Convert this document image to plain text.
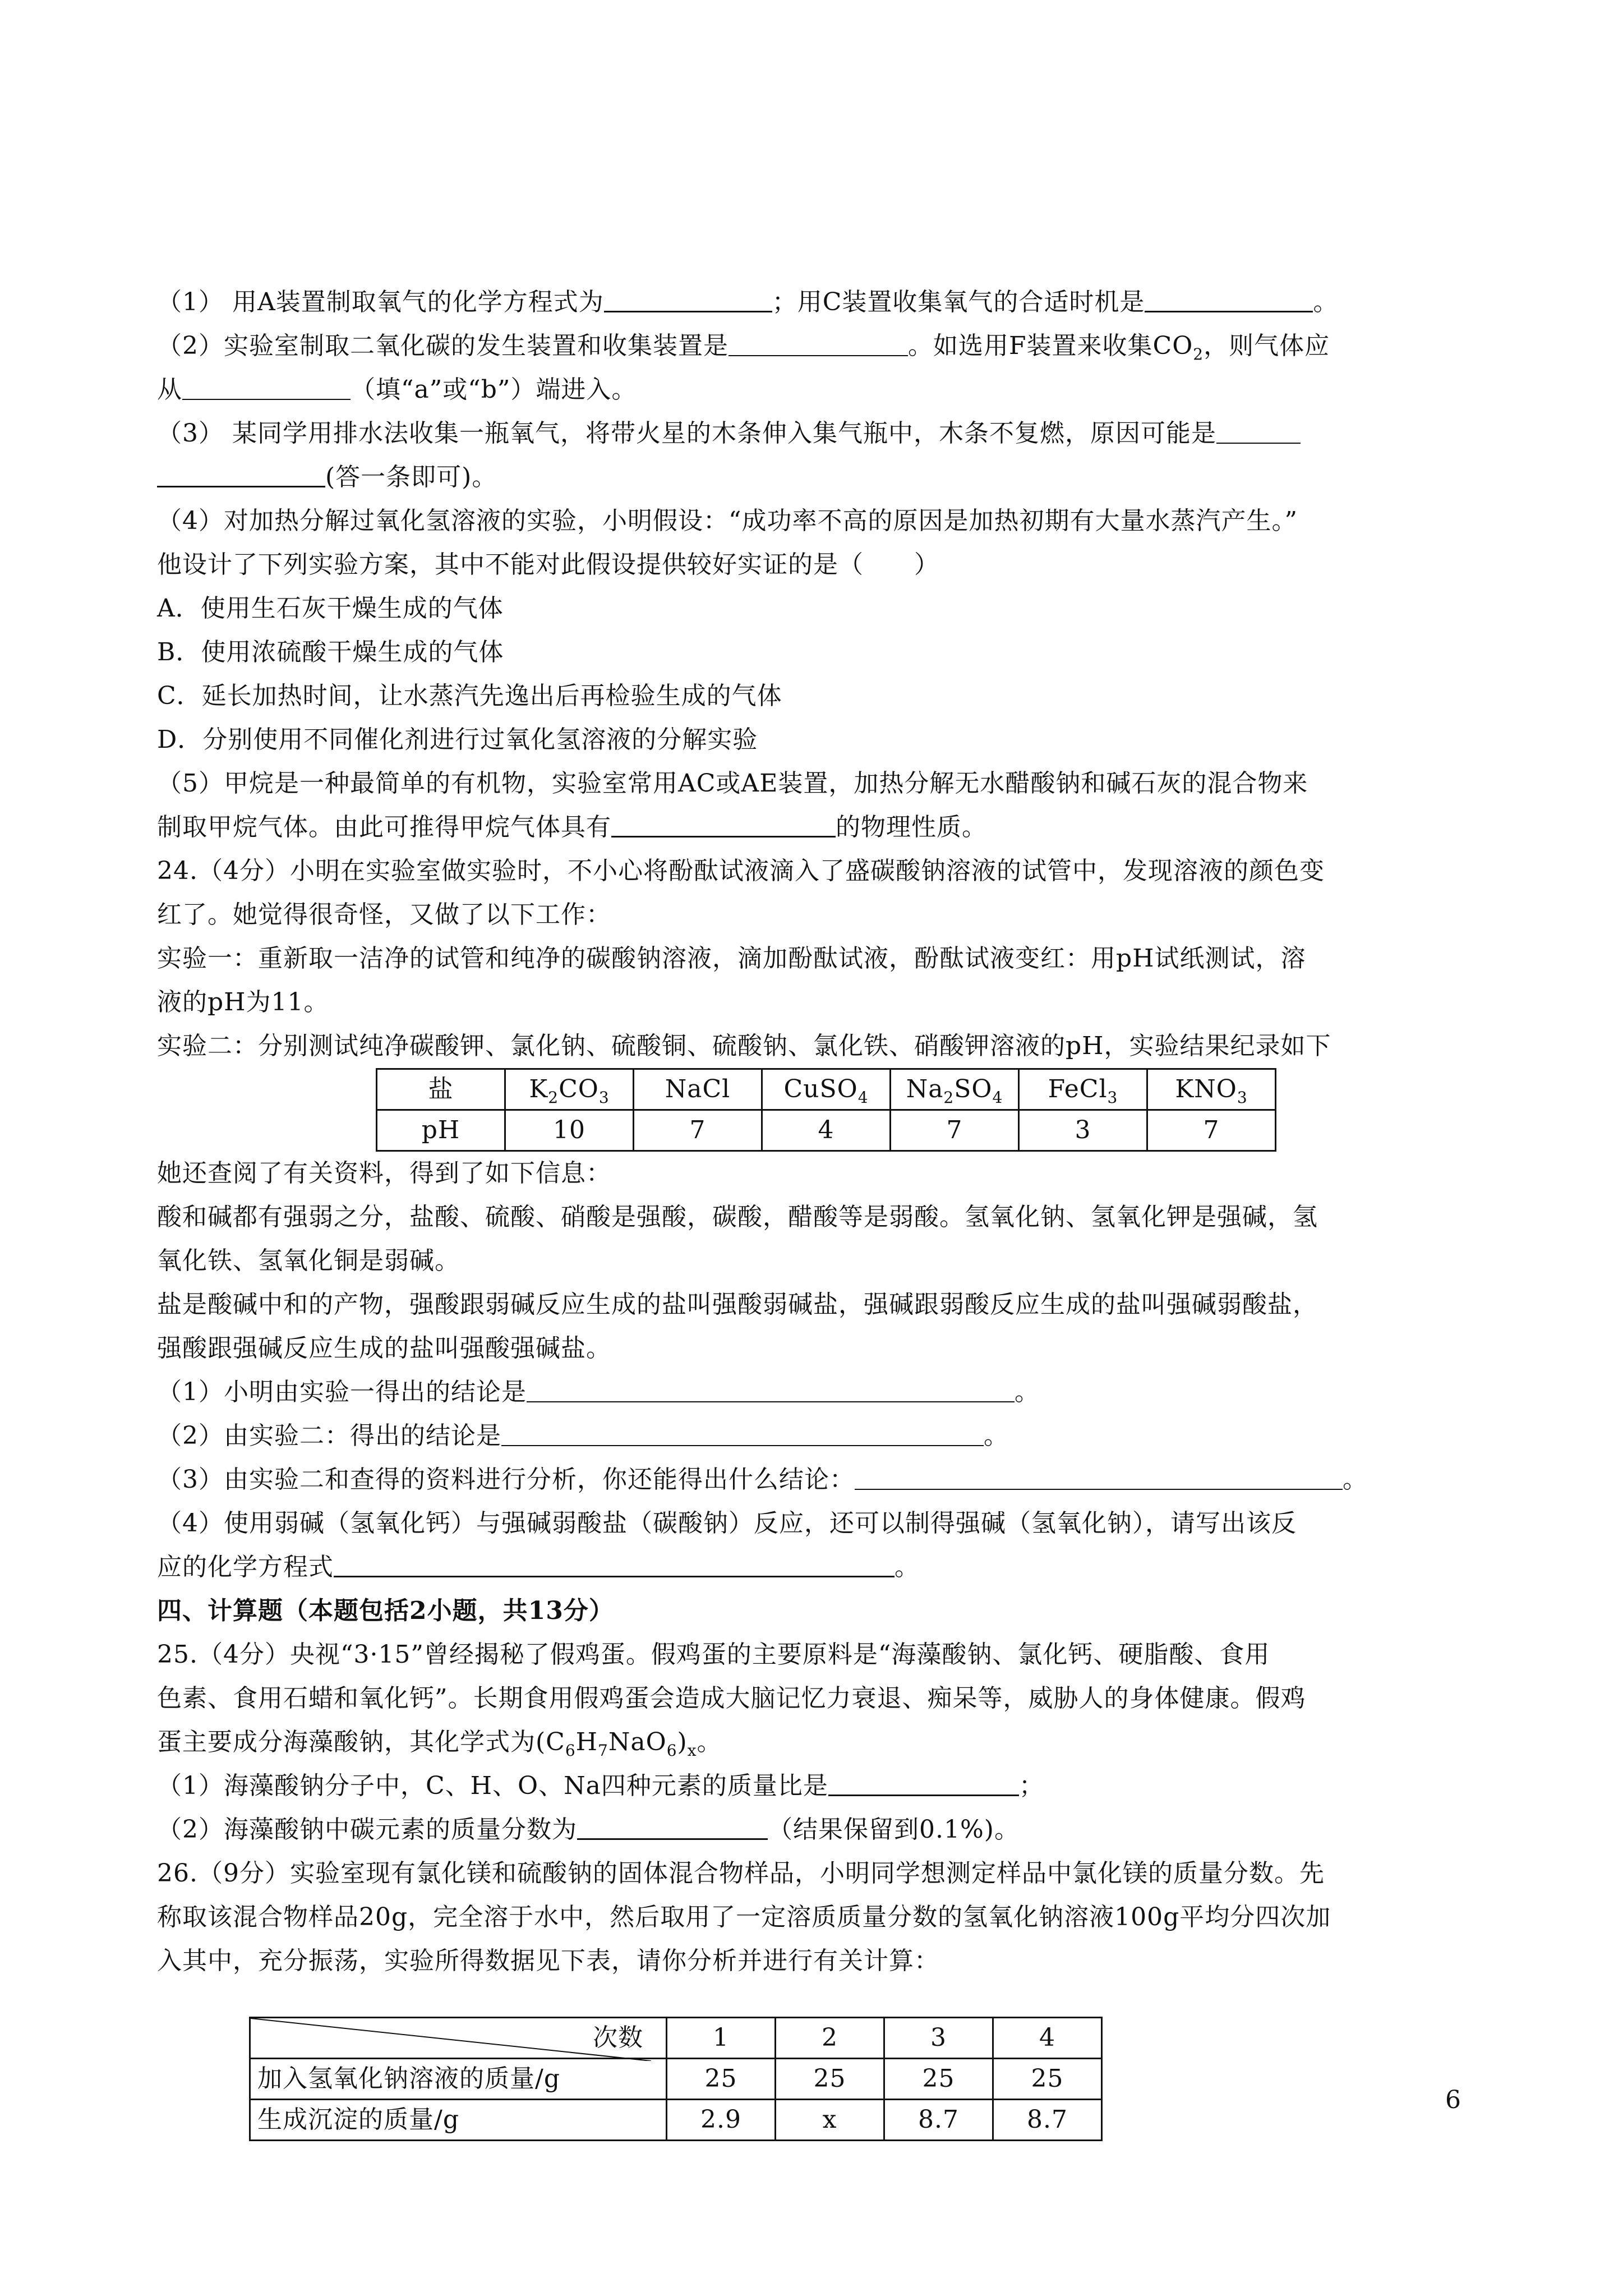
（1） 用A装置制取氧气的化学方程式为	；用C装置收集氧气的合适时机是	。
（2）实验室制取二氧化碳的发生装置和收集装置是	。如选用F装置来收集$CO_2$，则气体应
从	（填“a”或“b”）端进入。
（3） 某同学用排水法收集一瓶氧气，将带火星的木条伸入集气瓶中，木条不复燃，原因可能是
(答一条即可)。
（4）对加热分解过氧化氢溶液的实验，小明假设：“成功率不高的原因是加热初期有大量水蒸汽产生。”
他设计了下列实验方案，其中不能对此假设提供较好实证的是（　　）
A．使用生石灰干燥生成的气体
B．使用浓硫酸干燥生成的气体
C．延长加热时间，让水蒸汽先逸出后再检验生成的气体
D．分别使用不同催化剂进行过氧化氢溶液的分解实验
（5）甲烷是一种最简单的有机物，实验室常用AC或AE装置，加热分解无水醋酸钠和碱石灰的混合物来
制取甲烷气体。由此可推得甲烷气体具有	的物理性质。
24.（4分）小明在实验室做实验时，不小心将酚酞试液滴入了盛碳酸钠溶液的试管中，发现溶液的颜色变
红了。她觉得很奇怪，又做了以下工作：
实验一：重新取一洁净的试管和纯净的碳酸钠溶液，滴加酚酞试液，酚酞试液变红：用pH试纸测试，溶
液的pH为11。
实验二：分别测试纯净碳酸钾、氯化钠、硫酸铜、硫酸钠、氯化铁、硝酸钾溶液的pH，实验结果纪录如下
盐	$K_2CO_3$	NaCl	CuSO$_4$	$Na_2SO_4$	FeCl$_3$	$KNO_3$
pH	10	7	4	7	3	7
她还查阅了有关资料，得到了如下信息：
酸和碱都有强弱之分，盐酸、硫酸、硝酸是强酸，碳酸，醋酸等是弱酸。氢氧化钠、氢氧化钾是强碱，氢
氧化铁、氢氧化铜是弱碱。
盐是酸碱中和的产物，强酸跟弱碱反应生成的盐叫强酸弱碱盐，强碱跟弱酸反应生成的盐叫强碱弱酸盐，
强酸跟强碱反应生成的盐叫强酸强碱盐。
（1）小明由实验一得出的结论是	。
（2）由实验二：得出的结论是	。
（3）由实验二和查得的资料进行分析，你还能得出什么结论：	。
（4）使用弱碱（氢氧化钙）与强碱弱酸盐（碳酸钠）反应，还可以制得强碱（氢氧化钠），请写出该反
应的化学方程式	。
四、计算题（本题包括2小题，共13分）
25.（4分）央视“3·15”曾经揭秘了假鸡蛋。假鸡蛋的主要原料是“海藻酸钠、氯化钙、硬脂酸、食用
色素、食用石蜡和氧化钙”。长期食用假鸡蛋会造成大脑记忆力衰退、痴呆等，威胁人的身体健康。假鸡
蛋主要成分海藻酸钠，其化学式为$(C_6H_7NaO_6)_x$。
（1）海藻酸钠分子中，C、H、O、Na四种元素的质量比是	；
（2）海藻酸钠中碳元素的质量分数为	（结果保留到0.1%)。
26.（9分）实验室现有氯化镁和硫酸钠的固体混合物样品，小明同学想测定样品中氯化镁的质量分数。先
称取该混合物样品20g，完全溶于水中，然后取用了一定溶质质量分数的氢氧化钠溶液100g平均分四次加
入其中，充分振荡，实验所得数据见下表，请你分析并进行有关计算：
次数	1	2	3	4
加入氢氧化钠溶液的质量/g	25	25	25	25
生成沉淀的质量/g	2.9	x	8.7	8.7
6
